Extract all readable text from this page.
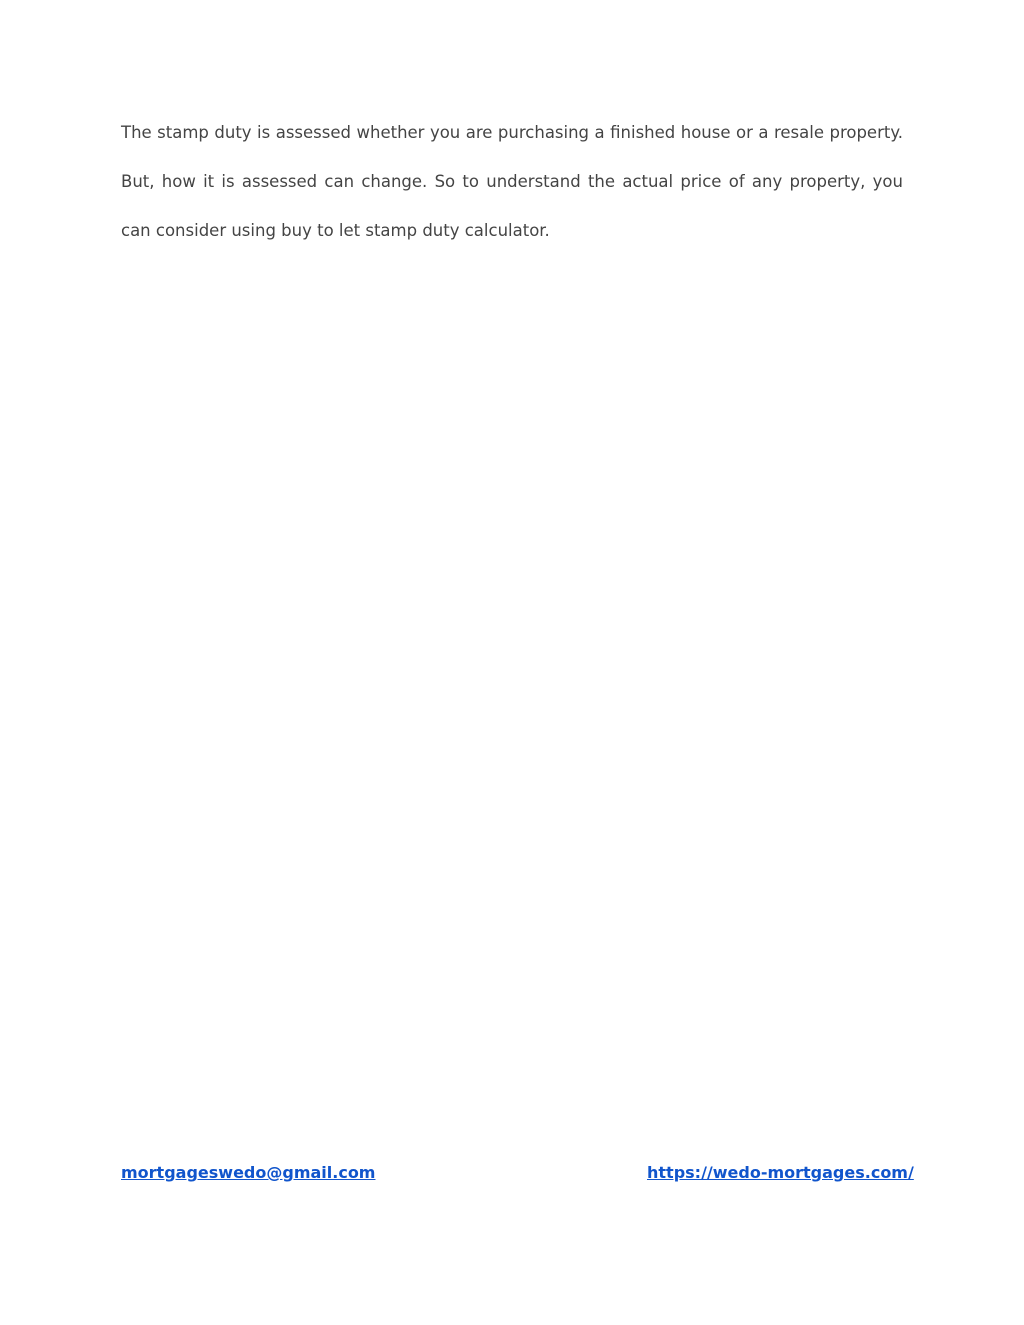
The stamp duty is assessed whether you are purchasing a finished house or a resale property. But, how it is assessed can change. So to understand the actual price of any property, you can consider using buy to let stamp duty calculator.

mortgageswedo@gmail.com	https://wedo-mortgages.com/
